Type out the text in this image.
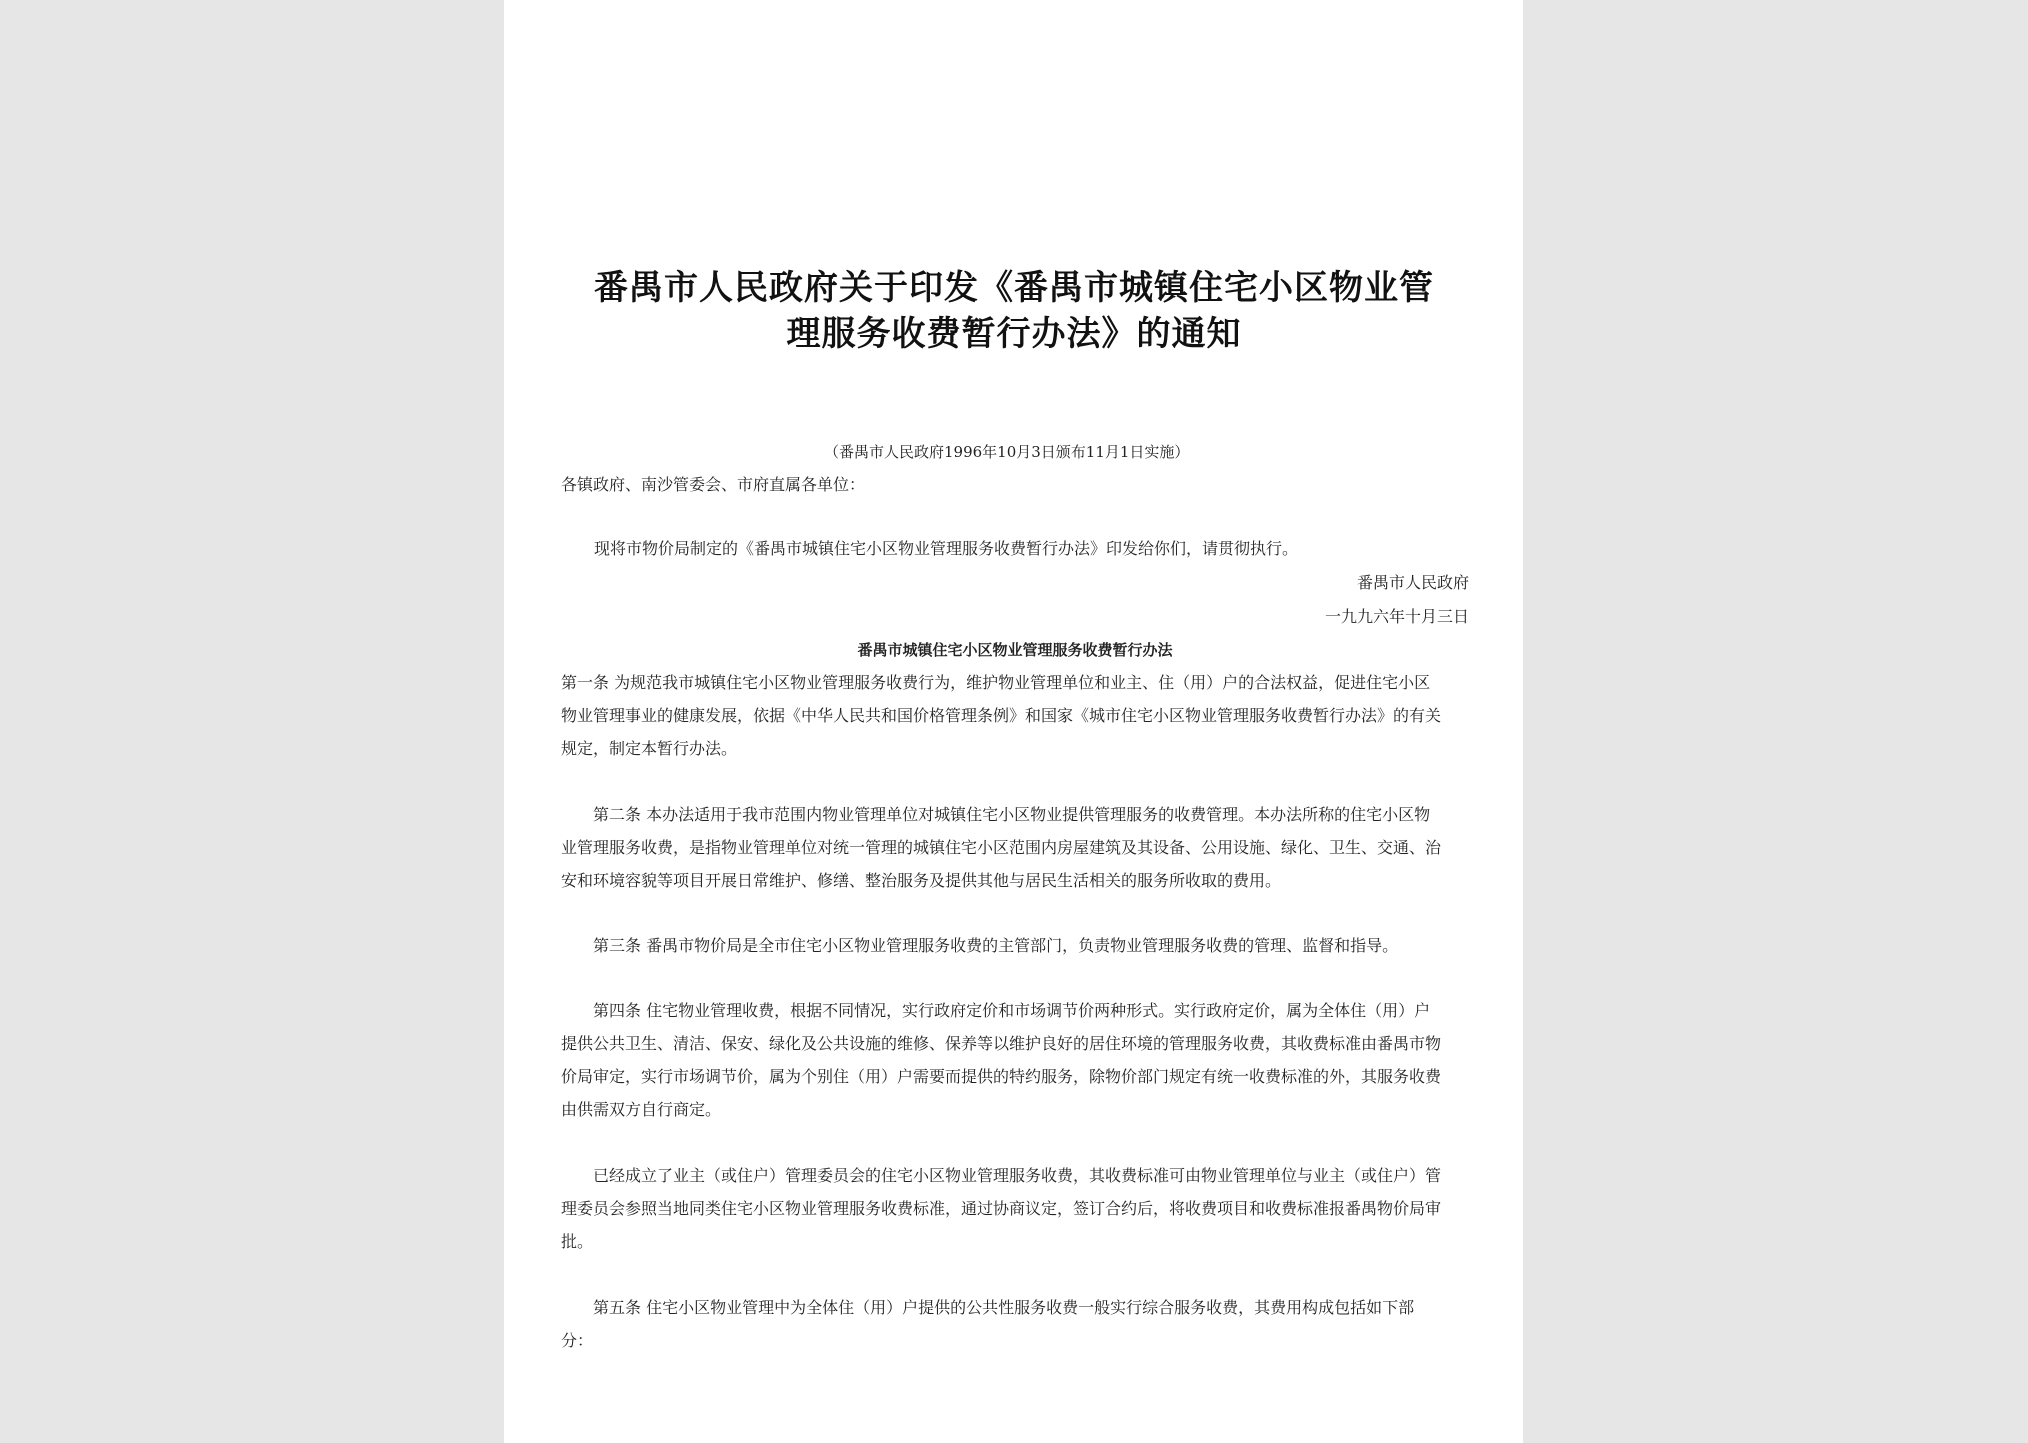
番禺市人民政府关于印发《番禺市城镇住宅小区物业管
理服务收费暂行办法》的通知
（番禺市人民政府1996年10月3日颁布11月1日实施）
各镇政府、南沙管委会、市府直属各单位：
现将市物价局制定的《番禺市城镇住宅小区物业管理服务收费暂行办法》印发给你们，请贯彻执行。
番禺市人民政府
一九九六年十月三日
番禺市城镇住宅小区物业管理服务收费暂行办法
第一条 为规范我市城镇住宅小区物业管理服务收费行为，维护物业管理单位和业主、住（用）户的合法权益，促进住宅小区
物业管理事业的健康发展，依据《中华人民共和国价格管理条例》和国家《城市住宅小区物业管理服务收费暂行办法》的有关
规定，制定本暂行办法。
第二条 本办法适用于我市范围内物业管理单位对城镇住宅小区物业提供管理服务的收费管理。本办法所称的住宅小区物
业管理服务收费，是指物业管理单位对统一管理的城镇住宅小区范围内房屋建筑及其设备、公用设施、绿化、卫生、交通、治
安和环境容貌等项目开展日常维护、修缮、整治服务及提供其他与居民生活相关的服务所收取的费用。
第三条 番禺市物价局是全市住宅小区物业管理服务收费的主管部门，负责物业管理服务收费的管理、监督和指导。
第四条 住宅物业管理收费，根据不同情况，实行政府定价和市场调节价两种形式。实行政府定价，属为全体住（用）户
提供公共卫生、清洁、保安、绿化及公共设施的维修、保养等以维护良好的居住环境的管理服务收费，其收费标准由番禺市物
价局审定，实行市场调节价，属为个别住（用）户需要而提供的特约服务，除物价部门规定有统一收费标准的外，其服务收费
由供需双方自行商定。
已经成立了业主（或住户）管理委员会的住宅小区物业管理服务收费，其收费标准可由物业管理单位与业主（或住户）管
理委员会参照当地同类住宅小区物业管理服务收费标准，通过协商议定，签订合约后，将收费项目和收费标准报番禺物价局审
批。
第五条 住宅小区物业管理中为全体住（用）户提供的公共性服务收费一般实行综合服务收费，其费用构成包括如下部
分：
